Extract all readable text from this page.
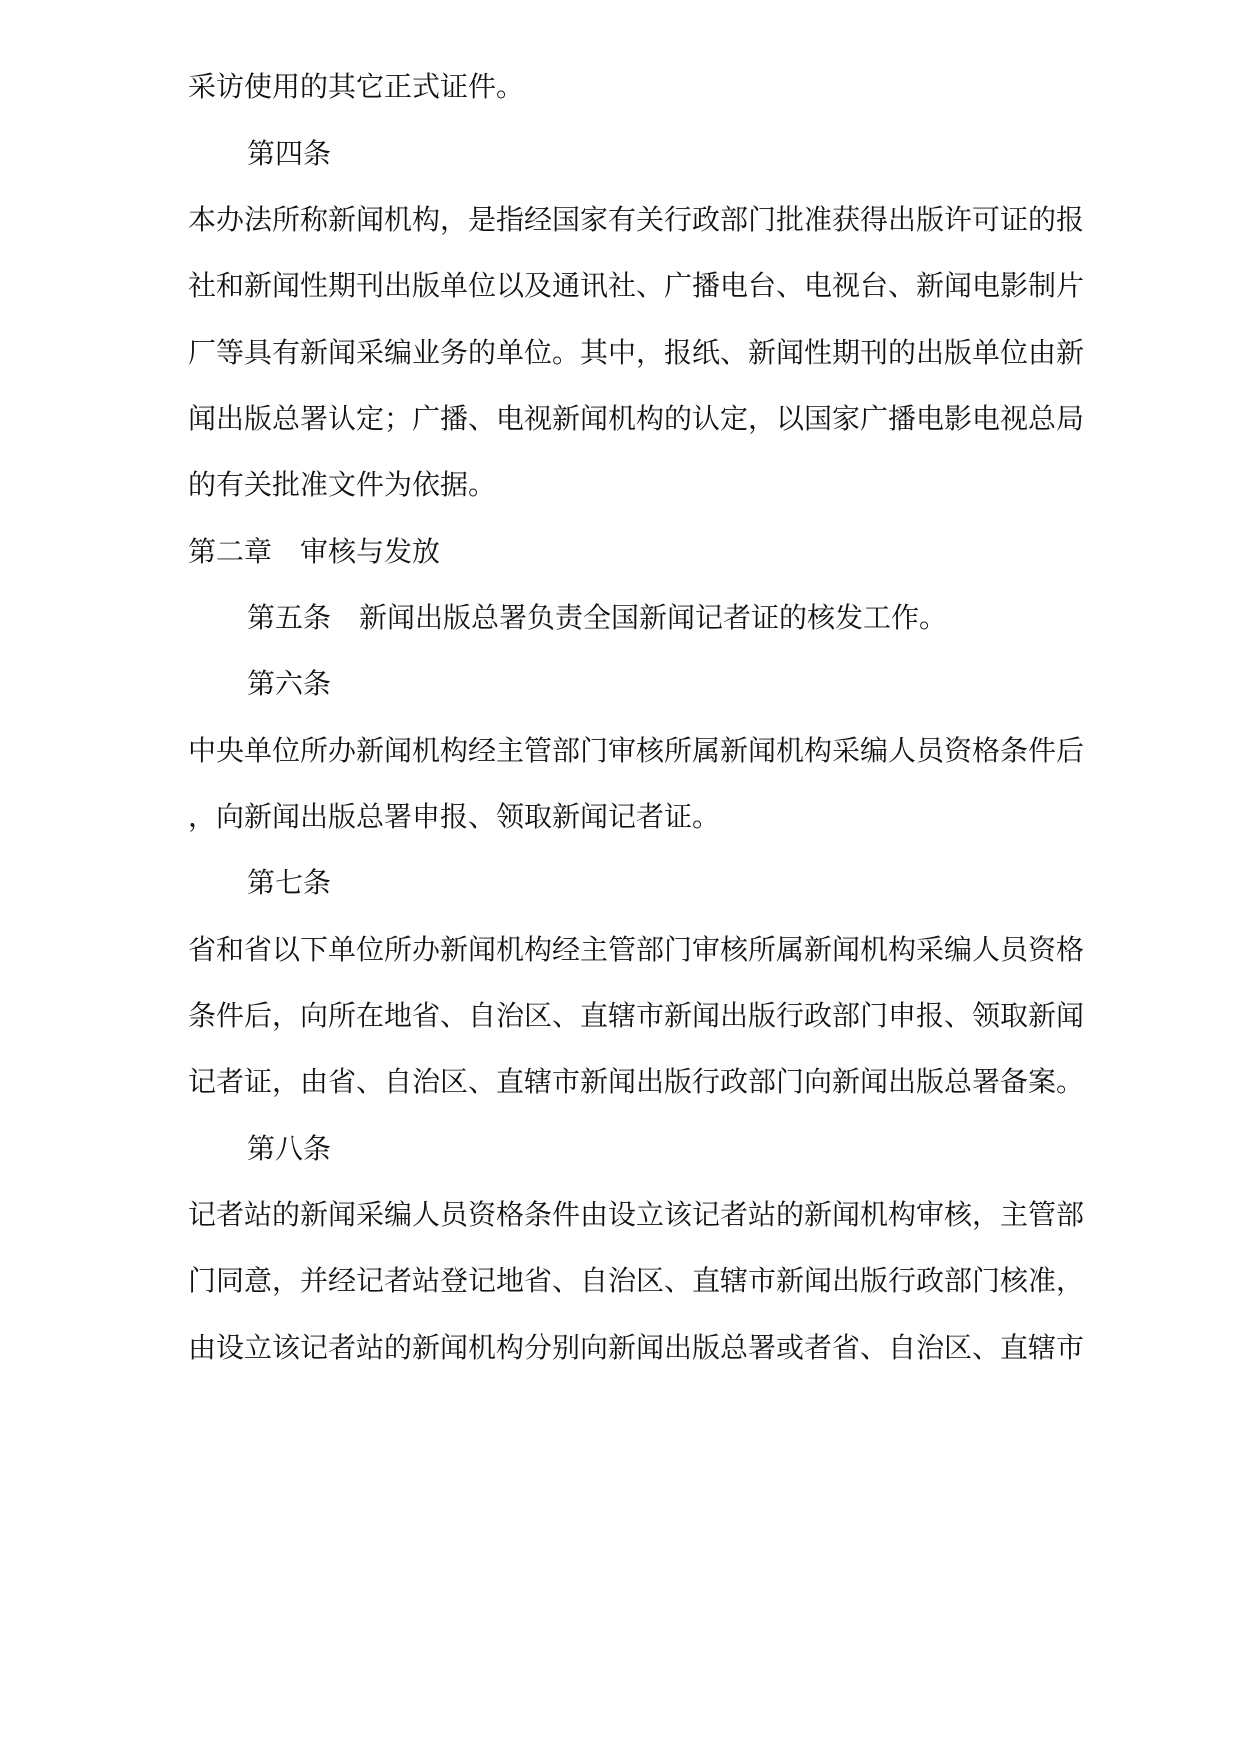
采访使用的其它正式证件。
第四条
本办法所称新闻机构，是指经国家有关行政部门批准获得出版许可证的报
社和新闻性期刊出版单位以及通讯社、广播电台、电视台、新闻电影制片
厂等具有新闻采编业务的单位。其中，报纸、新闻性期刊的出版单位由新
闻出版总署认定；广播、电视新闻机构的认定，以国家广播电影电视总局
的有关批准文件为依据。
第二章　审核与发放
第五条　新闻出版总署负责全国新闻记者证的核发工作。
第六条
中央单位所办新闻机构经主管部门审核所属新闻机构采编人员资格条件后
，向新闻出版总署申报、领取新闻记者证。
第七条
省和省以下单位所办新闻机构经主管部门审核所属新闻机构采编人员资格
条件后，向所在地省、自治区、直辖市新闻出版行政部门申报、领取新闻
记者证，由省、自治区、直辖市新闻出版行政部门向新闻出版总署备案。
第八条
记者站的新闻采编人员资格条件由设立该记者站的新闻机构审核，主管部
门同意，并经记者站登记地省、自治区、直辖市新闻出版行政部门核准，
由设立该记者站的新闻机构分别向新闻出版总署或者省、自治区、直辖市
